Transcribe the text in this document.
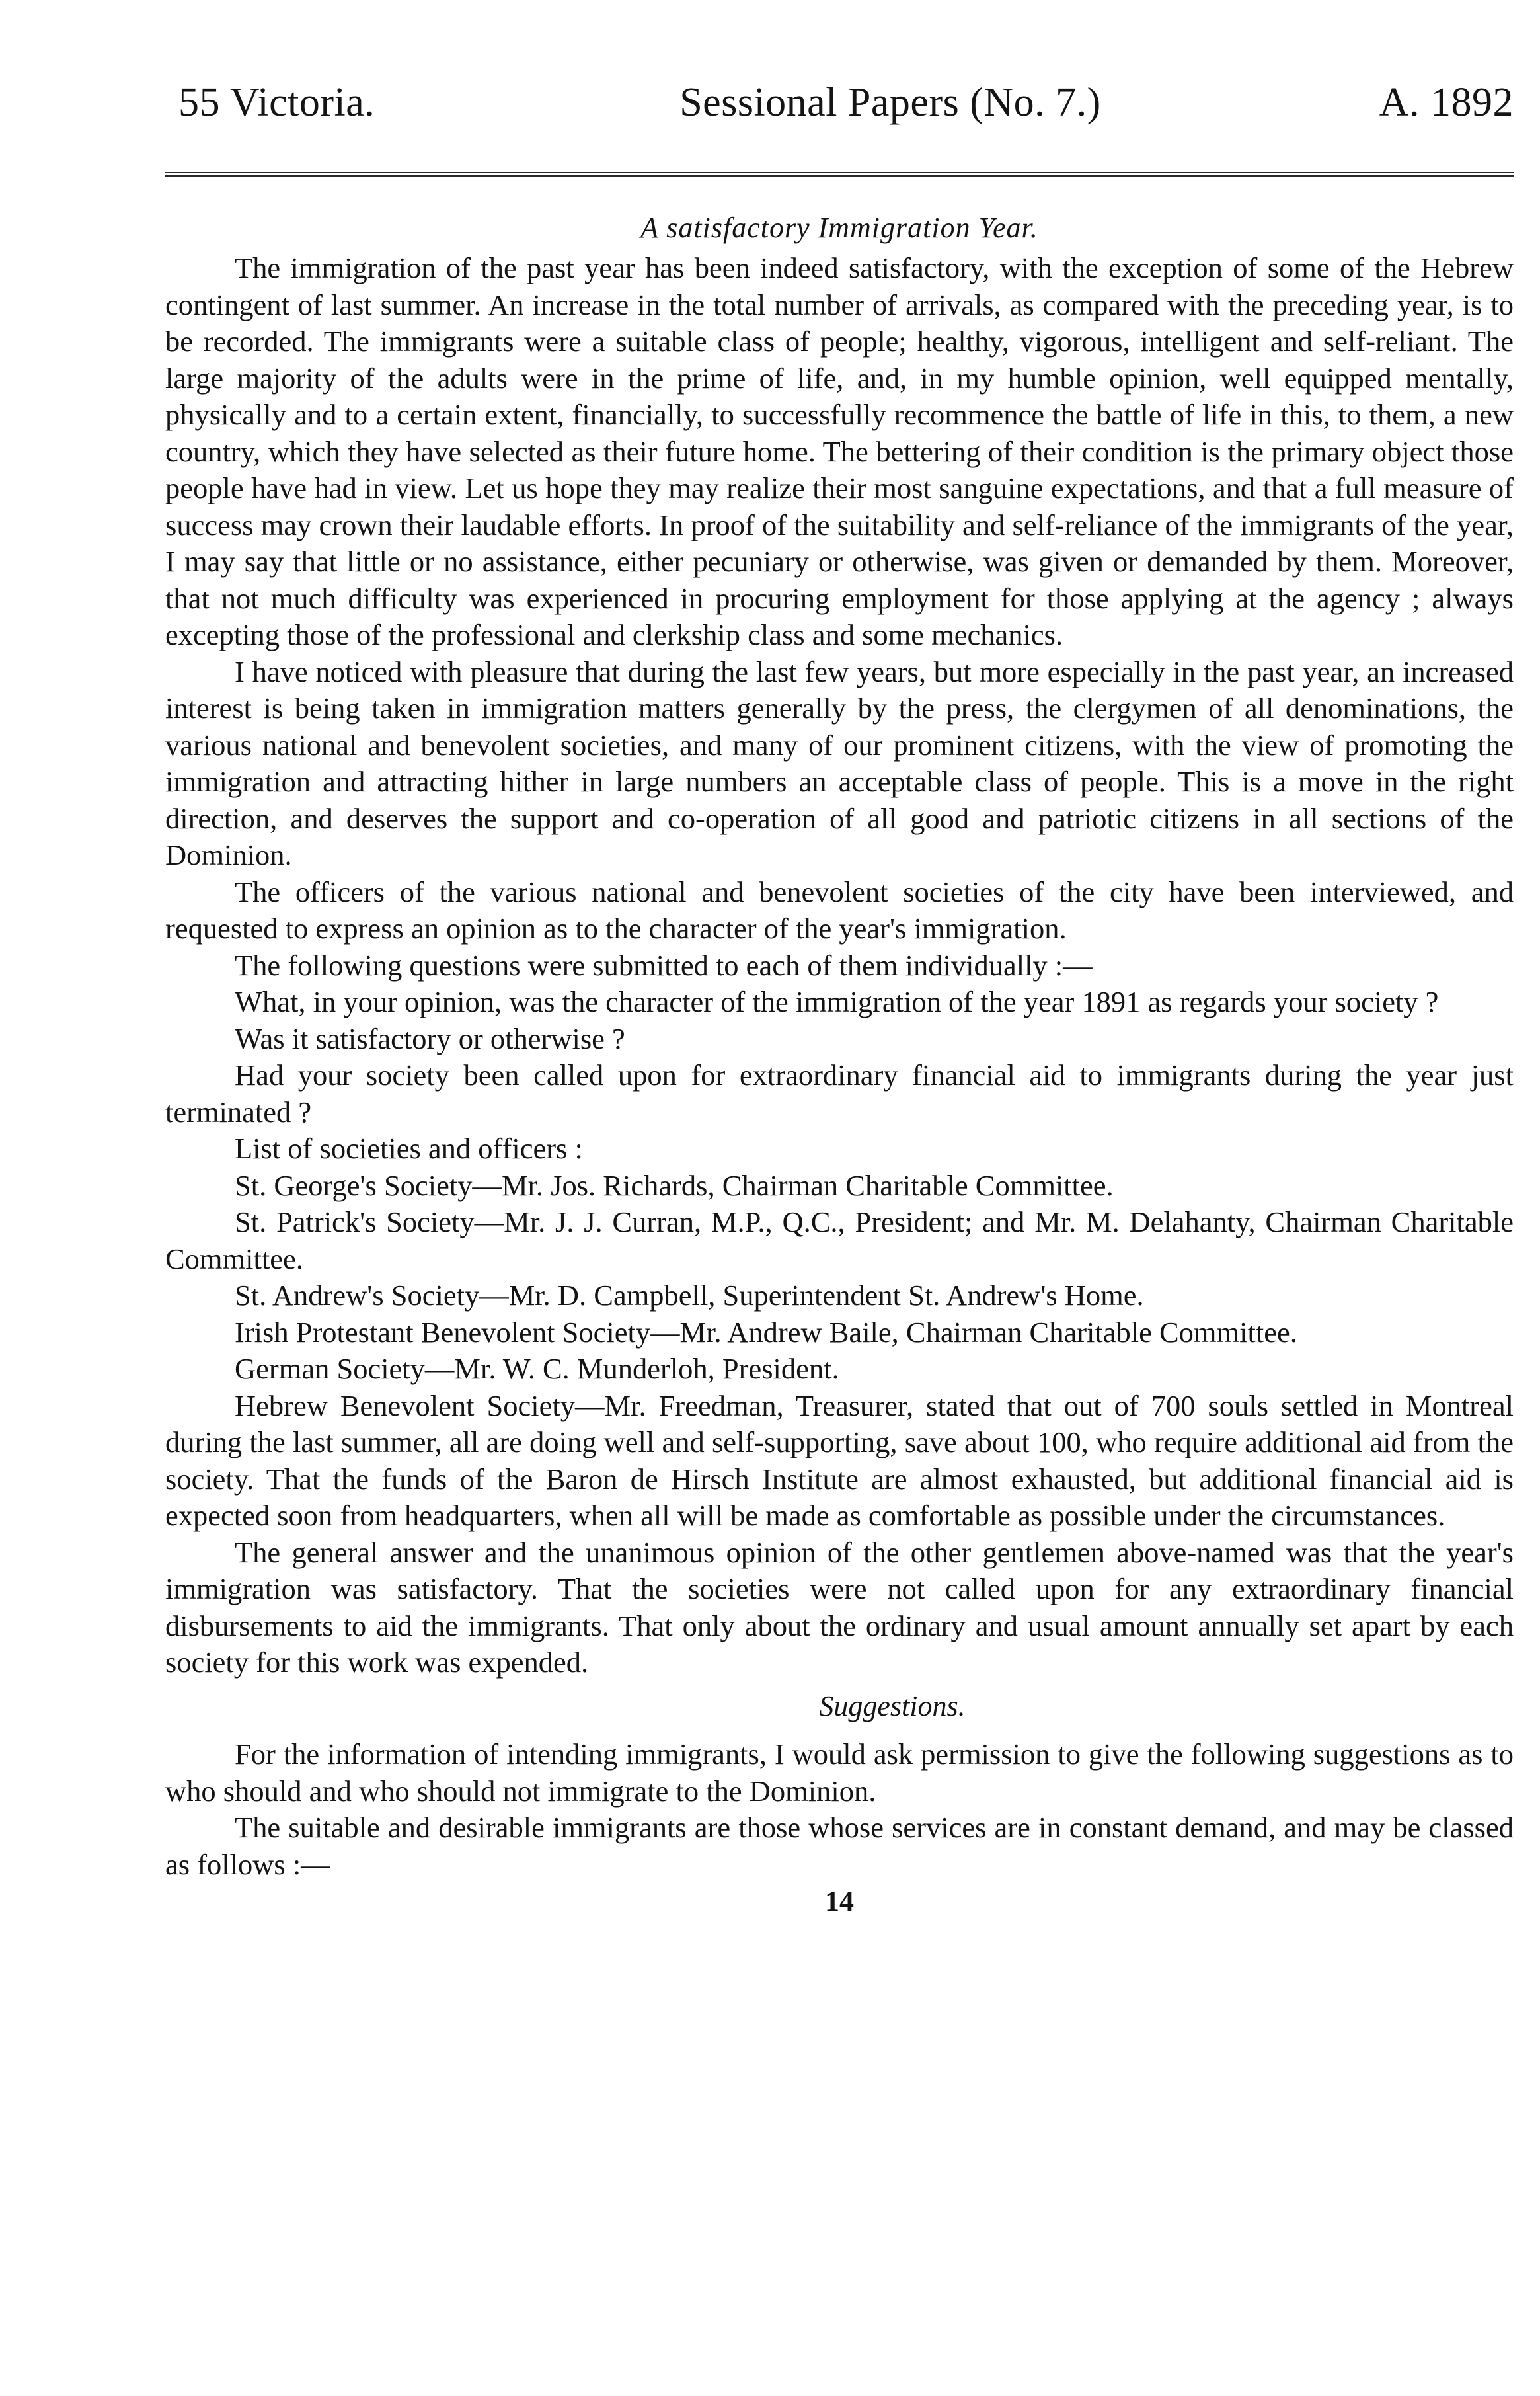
55 Victoria.	Sessional Papers (No. 7.)	A. 1892
A satisfactory Immigration Year.

The immigration of the past year has been indeed satisfactory, with the exception of some of the Hebrew contingent of last summer. An increase in the total number of arrivals, as compared with the preceding year, is to be recorded. The immigrants were a suitable class of people; healthy, vigorous, intelligent and self-reliant. The large majority of the adults were in the prime of life, and, in my humble opinion, well equipped mentally, physically and to a certain extent, financially, to successfully recommence the battle of life in this, to them, a new country, which they have selected as their future home. The bettering of their condition is the primary object those people have had in view. Let us hope they may realize their most sanguine expectations, and that a full measure of success may crown their laudable efforts. In proof of the suitability and self-reliance of the immigrants of the year, I may say that little or no assistance, either pecuniary or otherwise, was given or demanded by them. Moreover, that not much difficulty was experienced in procuring employment for those applying at the agency ; always excepting those of the professional and clerkship class and some mechanics.

I have noticed with pleasure that during the last few years, but more especially in the past year, an increased interest is being taken in immigration matters generally by the press, the clergymen of all denominations, the various national and benevolent societies, and many of our prominent citizens, with the view of promoting the immigration and attracting hither in large numbers an acceptable class of people. This is a move in the right direction, and deserves the support and co-operation of all good and patriotic citizens in all sections of the Dominion.

The officers of the various national and benevolent societies of the city have been interviewed, and requested to express an opinion as to the character of the year's immigration.

The following questions were submitted to each of them individually :—

What, in your opinion, was the character of the immigration of the year 1891 as regards your society ?

Was it satisfactory or otherwise ?

Had your society been called upon for extraordinary financial aid to immigrants during the year just terminated ?

List of societies and officers :

St. George's Society—Mr. Jos. Richards, Chairman Charitable Committee.

St. Patrick's Society—Mr. J. J. Curran, M.P., Q.C., President; and Mr. M. Delahanty, Chairman Charitable Committee.

St. Andrew's Society—Mr. D. Campbell, Superintendent St. Andrew's Home.

Irish Protestant Benevolent Society—Mr. Andrew Baile, Chairman Charitable Committee.

German Society—Mr. W. C. Munderloh, President.

Hebrew Benevolent Society—Mr. Freedman, Treasurer, stated that out of 700 souls settled in Montreal during the last summer, all are doing well and self-supporting, save about 100, who require additional aid from the society. That the funds of the Baron de Hirsch Institute are almost exhausted, but additional financial aid is expected soon from headquarters, when all will be made as comfortable as possible under the circumstances.

The general answer and the unanimous opinion of the other gentlemen above-named was that the year's immigration was satisfactory. That the societies were not called upon for any extraordinary financial disbursements to aid the immigrants. That only about the ordinary and usual amount annually set apart by each society for this work was expended.

Suggestions.

For the information of intending immigrants, I would ask permission to give the following suggestions as to who should and who should not immigrate to the Dominion.

The suitable and desirable immigrants are those whose services are in constant demand, and may be classed as follows :—

14
